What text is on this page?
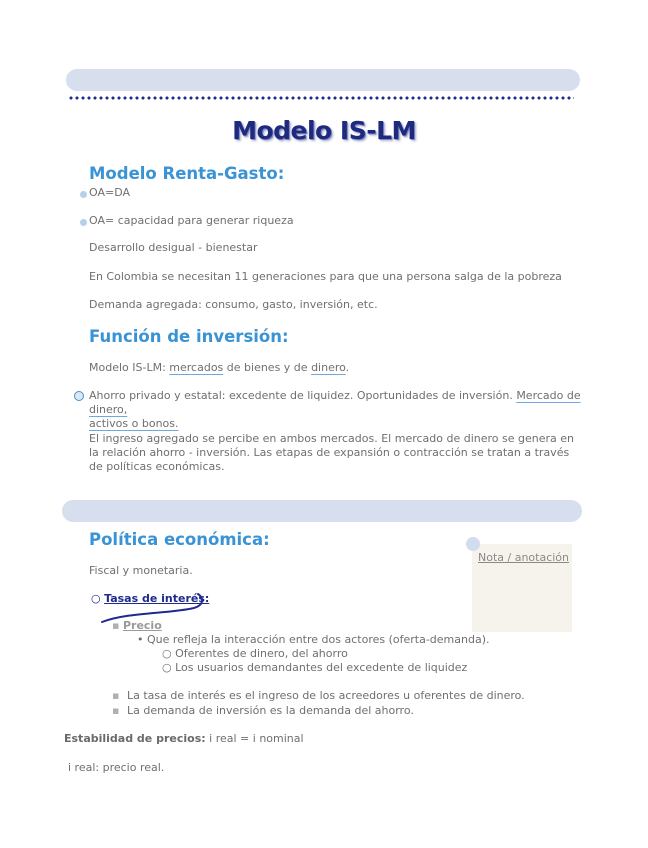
Modelo IS-LM
Modelo Renta-Gasto:
OA=DA
OA= capacidad para generar riqueza
Desarrollo desigual - bienestar
En Colombia se necesitan 11 generaciones para que una persona salga de la pobreza
Demanda agregada: consumo, gasto, inversión, etc.
Función de inversión:
Modelo IS-LM: mercados de bienes y de dinero.
Ahorro privado y estatal: excedente de liquidez. Oportunidades de inversión. Mercado de dinero,
activos o bonos.
El ingreso agregado se percibe en ambos mercados. El mercado de dinero se genera en la relación ahorro - inversión. Las etapas de expansión o contracción se tratan a través de políticas económicas.
Política económica:
Fiscal y monetaria.
Nota / anotación
○ Tasas de interés:
▪ Precio
• Que refleja la interacción entre dos actores (oferta-demanda).
○ Oferentes de dinero, del ahorro
○ Los usuarios demandantes del excedente de liquidez
▪ La tasa de interés es el ingreso de los acreedores u oferentes de dinero.
▪ La demanda de inversión es la demanda del ahorro.
Estabilidad de precios: i real = i nominal
i real: precio real.
